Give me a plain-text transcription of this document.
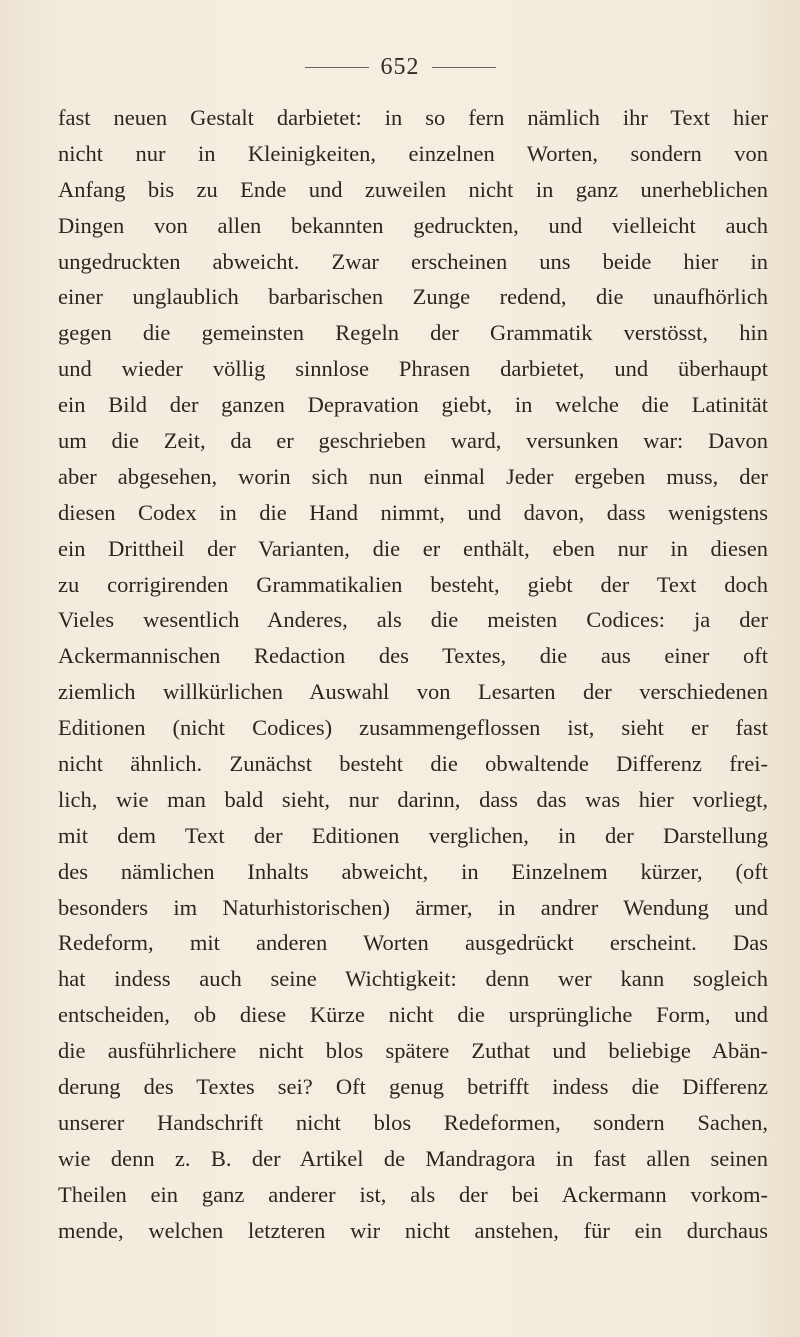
652
fast neuen Gestalt darbietet: in so fern nämlich ihr Text hier
nicht nur in Kleinigkeiten, einzelnen Worten, sondern von
Anfang bis zu Ende und zuweilen nicht in ganz unerheblichen
Dingen von allen bekannten gedruckten, und vielleicht auch
ungedruckten abweicht. Zwar erscheinen uns beide hier in
einer unglaublich barbarischen Zunge redend, die unaufhörlich
gegen die gemeinsten Regeln der Grammatik verstösst, hin
und wieder völlig sinnlose Phrasen darbietet, und überhaupt
ein Bild der ganzen Depravation giebt, in welche die Latinität
um die Zeit, da er geschrieben ward, versunken war: Davon
aber abgesehen, worin sich nun einmal Jeder ergeben muss, der
diesen Codex in die Hand nimmt, und davon, dass wenigstens
ein Drittheil der Varianten, die er enthält, eben nur in diesen
zu corrigirenden Grammatikalien besteht, giebt der Text doch
Vieles wesentlich Anderes, als die meisten Codices: ja der
Ackermannischen Redaction des Textes, die aus einer oft
ziemlich willkürlichen Auswahl von Lesarten der verschiedenen
Editionen (nicht Codices) zusammengeflossen ist, sieht er fast
nicht ähnlich. Zunächst besteht die obwaltende Differenz frei-
lich, wie man bald sieht, nur darinn, dass das was hier vorliegt,
mit dem Text der Editionen verglichen, in der Darstellung
des nämlichen Inhalts abweicht, in Einzelnem kürzer, (oft
besonders im Naturhistorischen) ärmer, in andrer Wendung und
Redeform, mit anderen Worten ausgedrückt erscheint. Das
hat indess auch seine Wichtigkeit: denn wer kann sogleich
entscheiden, ob diese Kürze nicht die ursprüngliche Form, und
die ausführlichere nicht blos spätere Zuthat und beliebige Abän-
derung des Textes sei? Oft genug betrifft indess die Differenz
unserer Handschrift nicht blos Redeformen, sondern Sachen,
wie denn z. B. der Artikel de Mandragora in fast allen seinen
Theilen ein ganz anderer ist, als der bei Ackermann vorkom-
mende, welchen letzteren wir nicht anstehen, für ein durchaus
